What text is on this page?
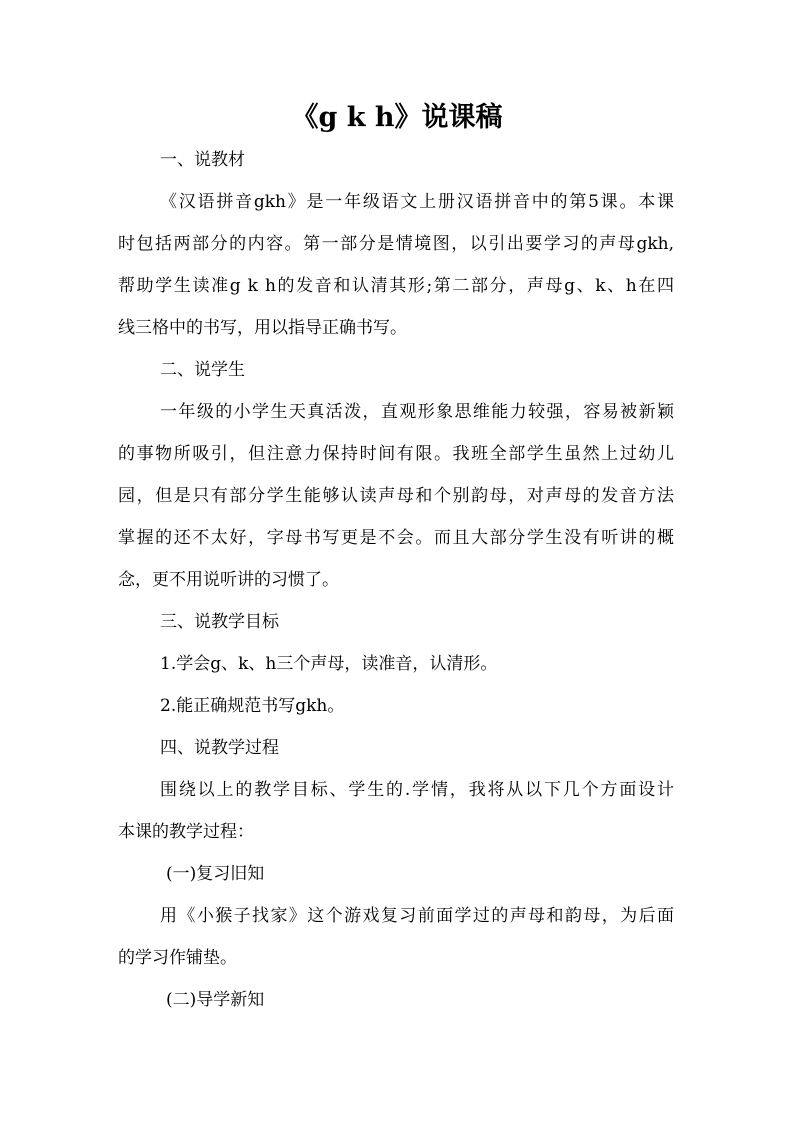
《g k h》说课稿
一、说教材
《汉语拼音gkh》是一年级语文上册汉语拼音中的第5课。本课
时包括两部分的内容。第一部分是情境图，以引出要学习的声母gkh,
帮助学生读准g k h的发音和认清其形;第二部分，声母g、k、h在四
线三格中的书写，用以指导正确书写。
二、说学生
一年级的小学生天真活泼，直观形象思维能力较强，容易被新颖
的事物所吸引，但注意力保持时间有限。我班全部学生虽然上过幼儿
园，但是只有部分学生能够认读声母和个别韵母，对声母的发音方法
掌握的还不太好，字母书写更是不会。而且大部分学生没有听讲的概
念，更不用说听讲的习惯了。
三、说教学目标
1.学会g、k、h三个声母，读准音，认清形。
2.能正确规范书写gkh。
四、说教学过程
围绕以上的教学目标、学生的.学情，我将从以下几个方面设计
本课的教学过程：
(一)复习旧知
用《小猴子找家》这个游戏复习前面学过的声母和韵母，为后面
的学习作铺垫。
(二)导学新知
